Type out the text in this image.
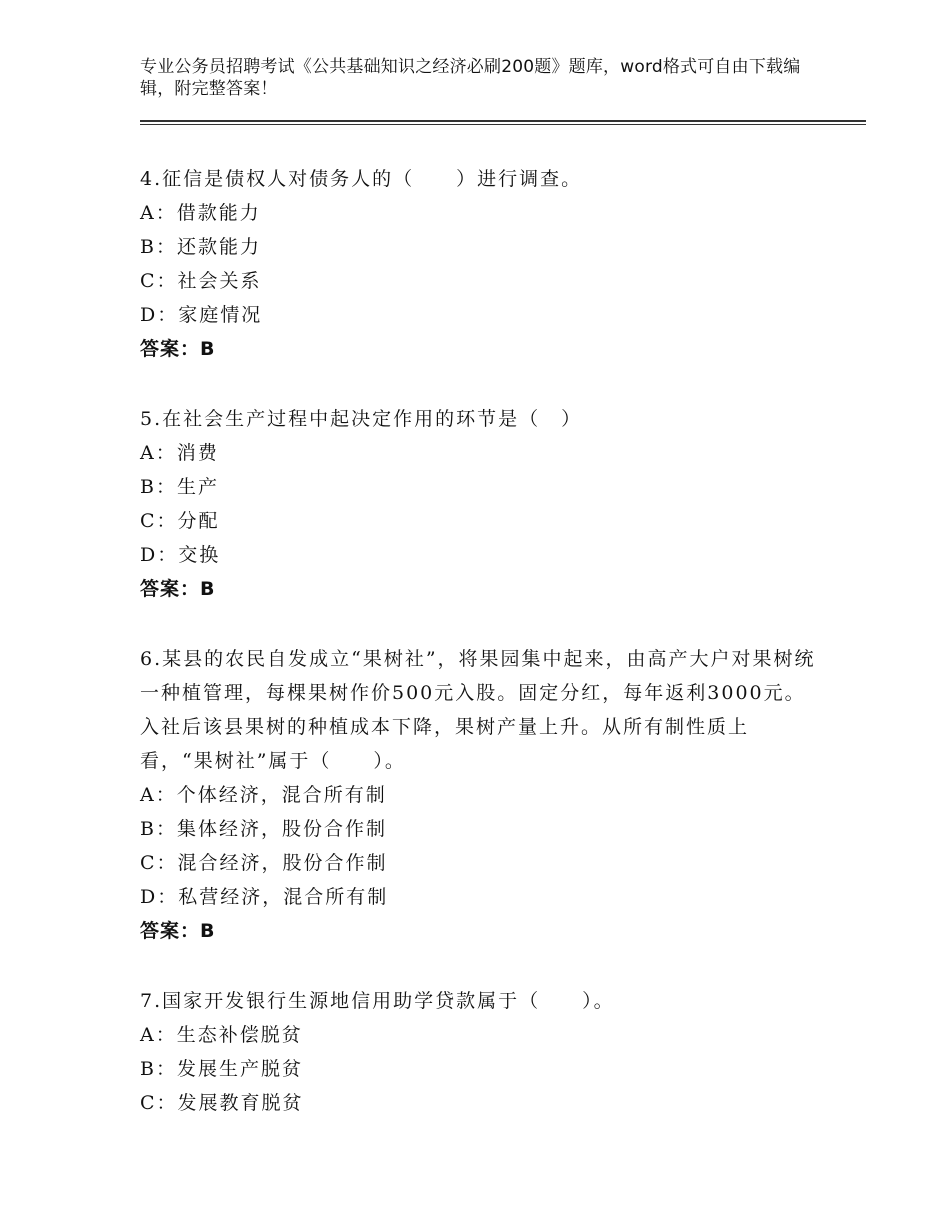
专业公务员招聘考试《公共基础知识之经济必刷200题》题库，word格式可自由下载编辑，附完整答案！
4.征信是债权人对债务人的（　　）进行调查。
A：借款能力
B：还款能力
C：社会关系
D：家庭情况
答案：B
5.在社会生产过程中起决定作用的环节是（　）
A：消费
B：生产
C：分配
D：交换
答案：B
6.某县的农民自发成立“果树社”，将果园集中起来，由高产大户对果树统一种植管理，每棵果树作价500元入股。固定分红，每年返利3000元。入社后该县果树的种植成本下降，果树产量上升。从所有制性质上看，“果树社”属于（　　）。
A：个体经济，混合所有制
B：集体经济，股份合作制
C：混合经济，股份合作制
D：私营经济，混合所有制
答案：B
7.国家开发银行生源地信用助学贷款属于（　　）。
A：生态补偿脱贫
B：发展生产脱贫
C：发展教育脱贫
